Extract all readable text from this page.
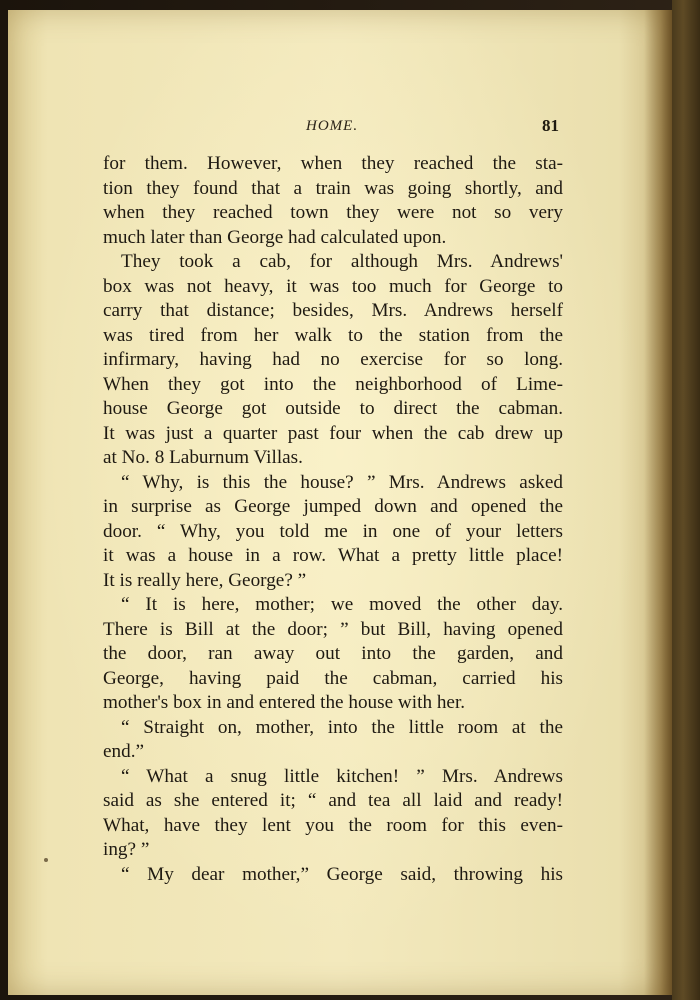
HOME.	81
for them. However, when they reached the sta-
tion they found that a train was going shortly, and
when they reached town they were not so very
much later than George had calculated upon.
They took a cab, for although Mrs. Andrews'
box was not heavy, it was too much for George to
carry that distance; besides, Mrs. Andrews herself
was tired from her walk to the station from the
infirmary, having had no exercise for so long.
When they got into the neighborhood of Lime-
house George got outside to direct the cabman.
It was just a quarter past four when the cab drew up
at No. 8 Laburnum Villas.
“ Why, is this the house? ” Mrs. Andrews asked
in surprise as George jumped down and opened the
door. “ Why, you told me in one of your letters
it was a house in a row. What a pretty little place!
It is really here, George? ”
“ It is here, mother; we moved the other day.
There is Bill at the door; ” but Bill, having opened
the door, ran away out into the garden, and
George, having paid the cabman, carried his
mother's box in and entered the house with her.
“ Straight on, mother, into the little room at the
end.”
“ What a snug little kitchen! ” Mrs. Andrews
said as she entered it; “ and tea all laid and ready!
What, have they lent you the room for this even-
ing? ”
“ My dear mother,” George said, throwing his
